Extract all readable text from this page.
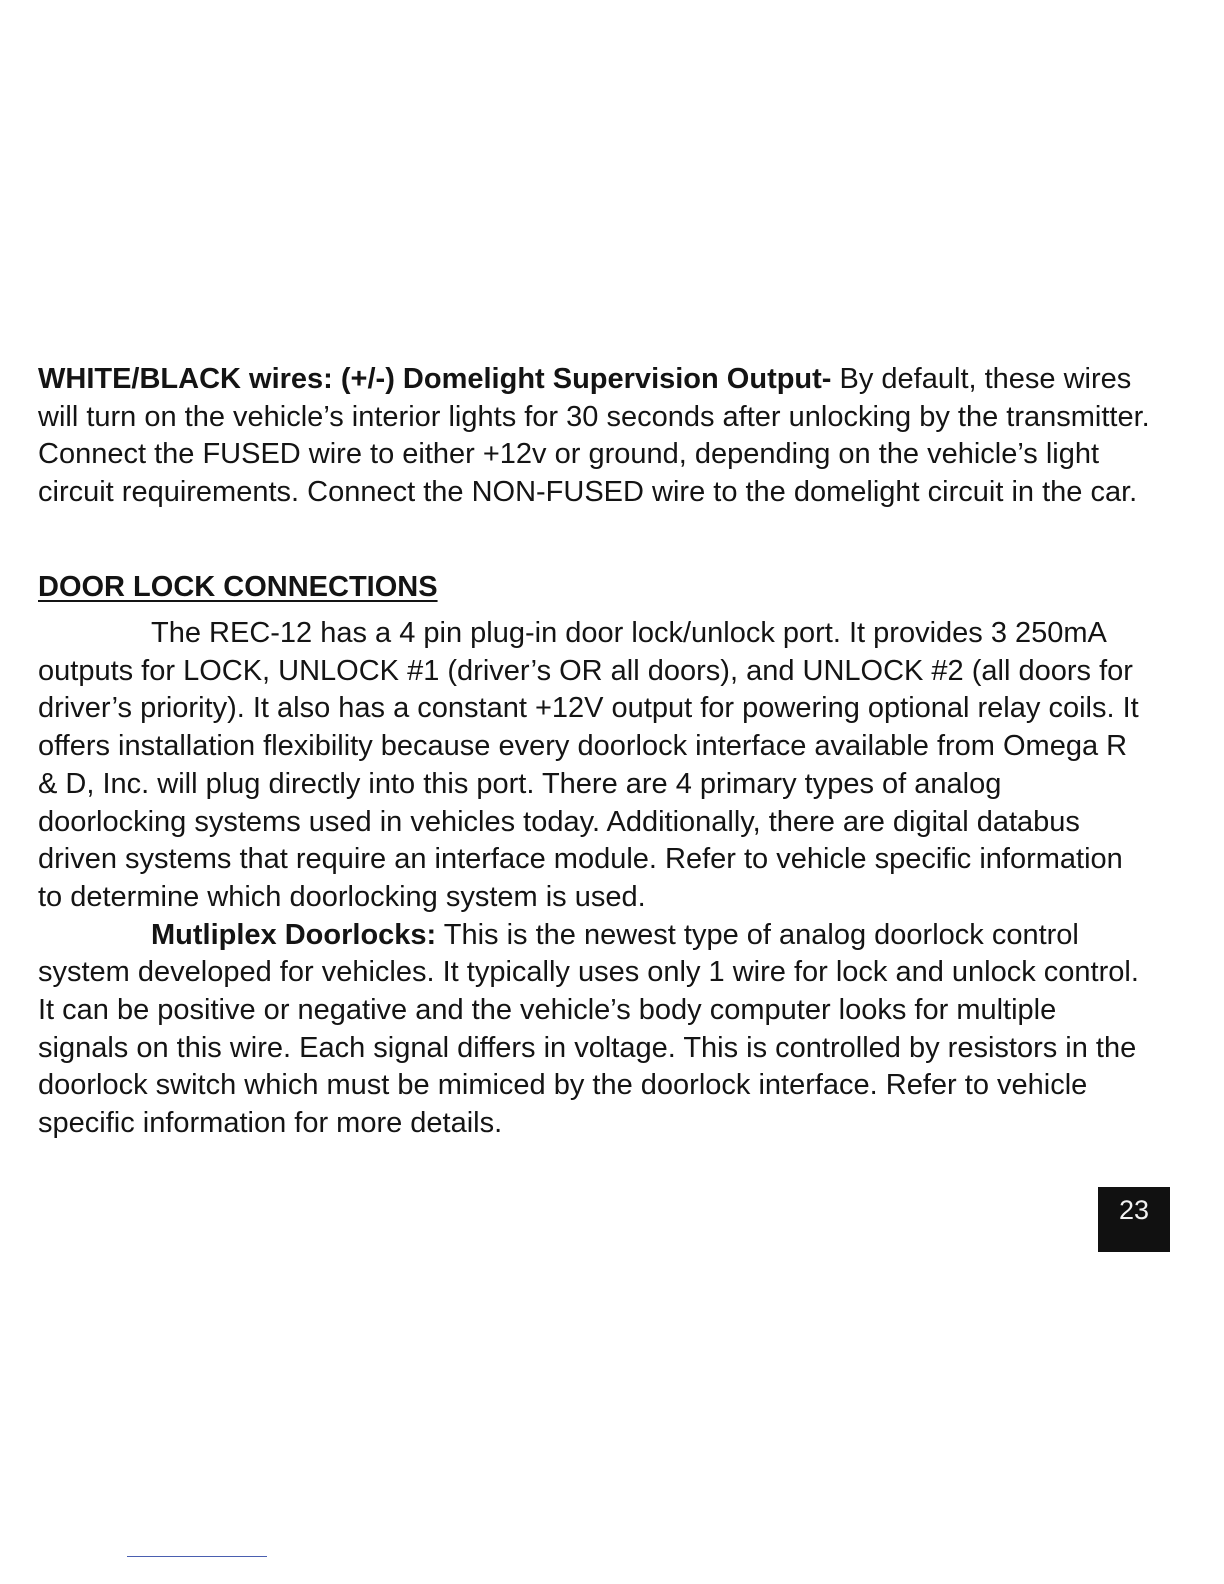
WHITE/BLACK wires: (+/-) Domelight Supervision Output- By default, these wires will turn on the vehicle’s interior lights for 30 seconds after unlocking by the transmitter. Connect the FUSED wire to either +12v or ground, depending on the vehicle’s light circuit requirements. Connect the NON-FUSED wire to the domelight circuit in the car.

DOOR LOCK CONNECTIONS

The REC-12 has a 4 pin plug-in door lock/unlock port. It provides 3 250mA outputs for LOCK, UNLOCK #1 (driver’s OR all doors), and UNLOCK #2 (all doors for driver’s priority). It also has a constant +12V output for powering optional relay coils. It offers installation flexibility because every doorlock interface available from Omega R & D, Inc. will plug directly into this port. There are 4 primary types of analog doorlocking systems used in vehicles today. Additionally, there are digital databus driven systems that require an interface module. Refer to vehicle specific information to determine which doorlocking system is used.

Mutliplex Doorlocks: This is the newest type of analog doorlock control system developed for vehicles. It typically uses only 1 wire for lock and unlock control. It can be positive or negative and the vehicle’s body computer looks for multiple signals on this wire. Each signal differs in voltage. This is controlled by resistors in the doorlock switch which must be mimiced by the doorlock interface. Refer to vehicle specific information for more details.

23
